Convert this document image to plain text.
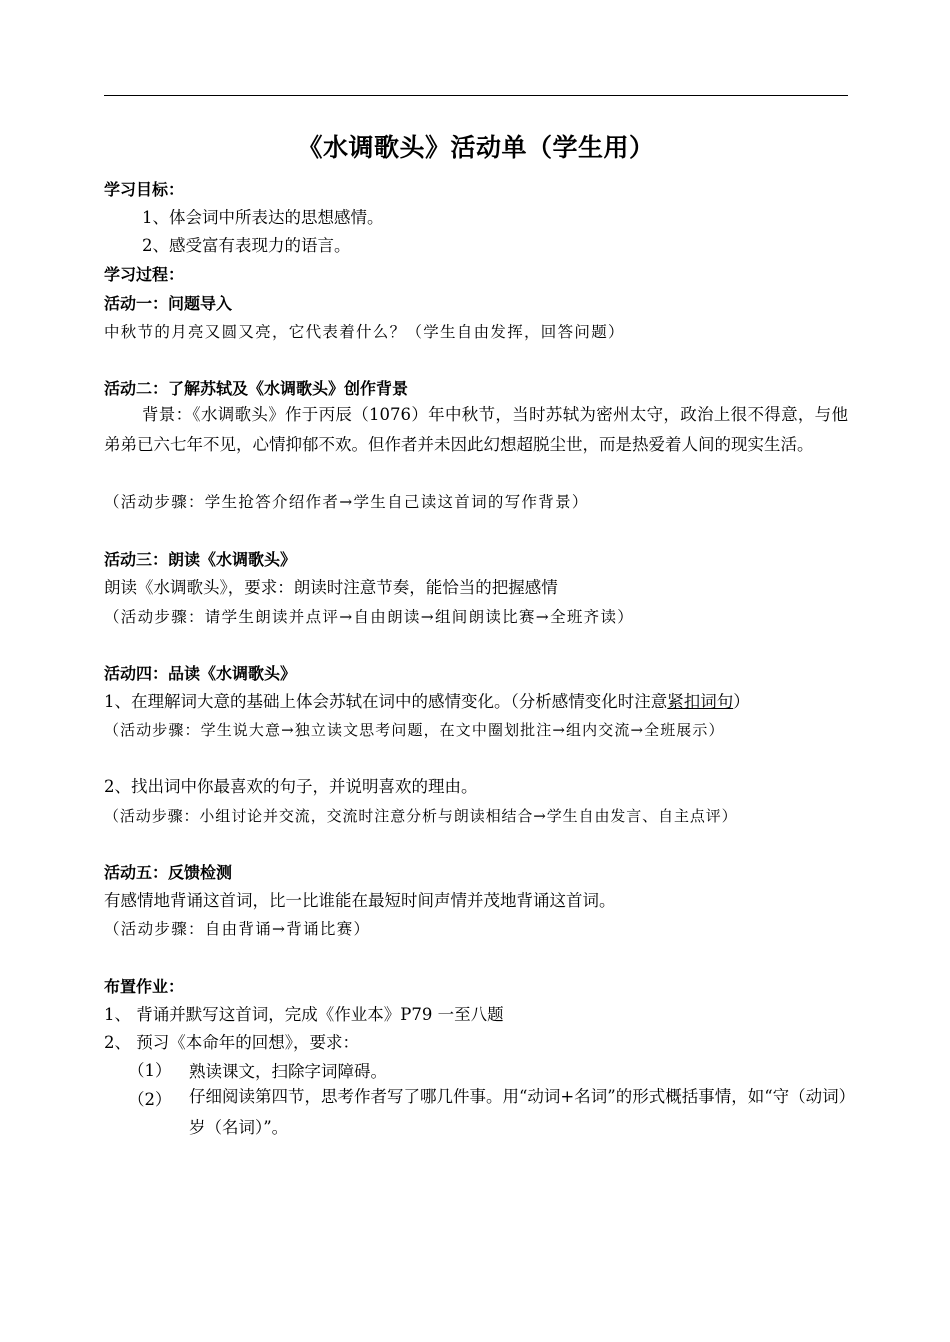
《水调歌头》活动单（学生用）
学习目标：
1、体会词中所表达的思想感情。
2、感受富有表现力的语言。
学习过程：
活动一：问题导入
中秋节的月亮又圆又亮，它代表着什么？（学生自由发挥，回答问题）
活动二：了解苏轼及《水调歌头》创作背景
背景：《水调歌头》作于丙辰（1076）年中秋节，当时苏轼为密州太守，政治上很不得意，与他弟弟已六七年不见，心情抑郁不欢。但作者并未因此幻想超脱尘世，而是热爱着人间的现实生活。
（活动步骤：学生抢答介绍作者→学生自己读这首词的写作背景）
活动三：朗读《水调歌头》
朗读《水调歌头》，要求：朗读时注意节奏，能恰当的把握感情
（活动步骤：请学生朗读并点评→自由朗读→组间朗读比赛→全班齐读）
活动四：品读《水调歌头》
1、在理解词大意的基础上体会苏轼在词中的感情变化。（分析感情变化时注意紧扣词句）
（活动步骤：学生说大意→独立读文思考问题，在文中圈划批注→组内交流→全班展示）
2、找出词中你最喜欢的句子，并说明喜欢的理由。
（活动步骤：小组讨论并交流，交流时注意分析与朗读相结合→学生自由发言、自主点评）
活动五：反馈检测
有感情地背诵这首词，比一比谁能在最短时间声情并茂地背诵这首词。
（活动步骤：自由背诵→背诵比赛）
布置作业：
1、 背诵并默写这首词，完成《作业本》P79 一至八题
2、 预习《本命年的回想》，要求：
（1） 熟读课文，扫除字词障碍。
（2） 仔细阅读第四节，思考作者写了哪几件事。用“动词+名词”的形式概括事情，如“守（动词）岁（名词）”。
